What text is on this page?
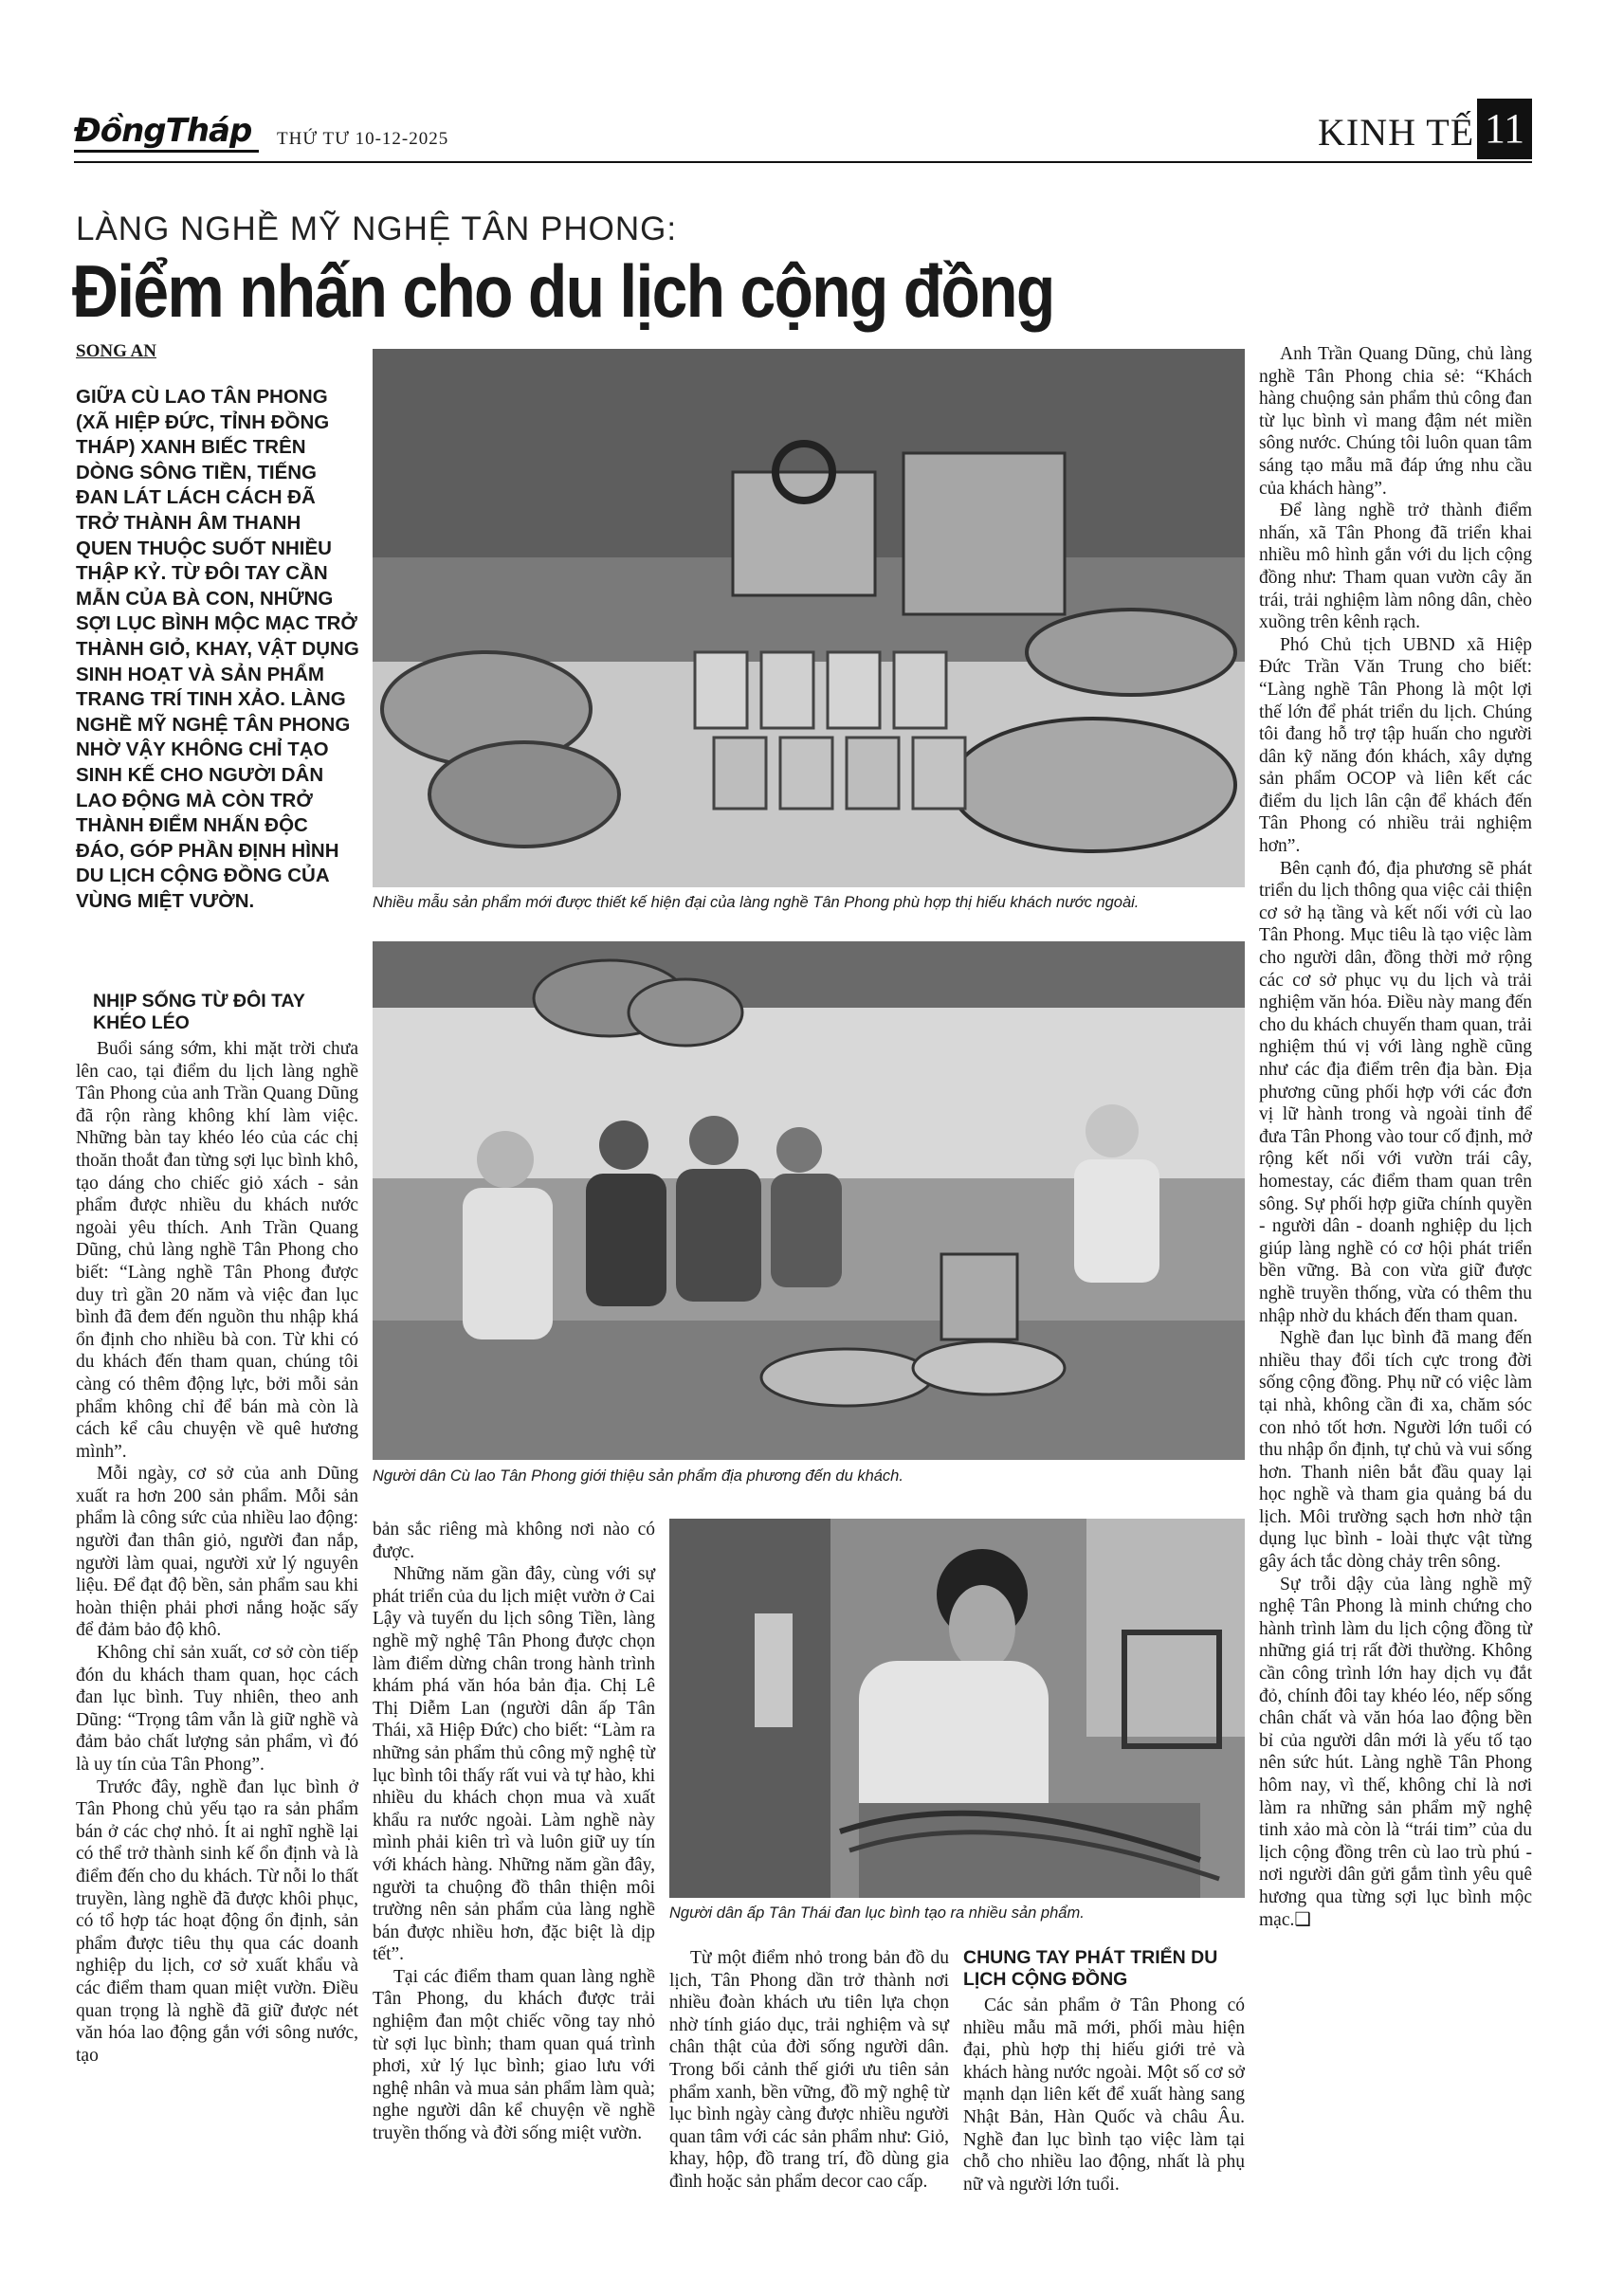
ĐồngTháp THỨ TƯ 10-12-2025	KINH TẾ 11
LÀNG NGHỀ MỸ NGHỆ TÂN PHONG:
Điểm nhấn cho du lịch cộng đồng
SONG AN

GIỮA CÙ LAO TÂN PHONG (XÃ HIỆP ĐỨC, TỈNH ĐỒNG THÁP) XANH BIẾC TRÊN DÒNG SÔNG TIỀN, TIẾNG ĐAN LÁT LÁCH CÁCH ĐÃ TRỞ THÀNH ÂM THANH QUEN THUỘC SUỐT NHIỀU THẬP KỶ. TỪ ĐÔI TAY CẦN MẪN CỦA BÀ CON, NHỮNG SỢI LỤC BÌNH MỘC MẠC TRỞ THÀNH GIỎ, KHAY, VẬT DỤNG SINH HOẠT VÀ SẢN PHẨM TRANG TRÍ TINH XẢO. LÀNG NGHỀ MỸ NGHỆ TÂN PHONG NHỜ VẬY KHÔNG CHỈ TẠO SINH KẾ CHO NGƯỜI DÂN LAO ĐỘNG MÀ CÒN TRỞ THÀNH ĐIỂM NHẤN ĐỘC ĐÁO, GÓP PHẦN ĐỊNH HÌNH DU LỊCH CỘNG ĐỒNG CỦA VÙNG MIỆT VƯỜN.

NHỊP SỐNG TỪ ĐÔI TAY KHÉO LÉO

Buổi sáng sớm, khi mặt trời chưa lên cao, tại điểm du lịch làng nghề Tân Phong của anh Trần Quang Dũng đã rộn ràng không khí làm việc. Những bàn tay khéo léo của các chị thoăn thoắt đan từng sợi lục bình khô, tạo dáng cho chiếc giỏ xách - sản phẩm được nhiều du khách nước ngoài yêu thích. Anh Trần Quang Dũng, chủ làng nghề Tân Phong cho biết: “Làng nghề Tân Phong được duy trì gần 20 năm và việc đan lục bình đã đem đến nguồn thu nhập khá ổn định cho nhiều bà con. Từ khi có du khách đến tham quan, chúng tôi càng có thêm động lực, bởi mỗi sản phẩm không chỉ để bán mà còn là cách kể câu chuyện về quê hương mình”.

Mỗi ngày, cơ sở của anh Dũng xuất ra hơn 200 sản phẩm. Mỗi sản phẩm là công sức của nhiều lao động: người đan thân giỏ, người đan nắp, người làm quai, người xử lý nguyên liệu. Để đạt độ bền, sản phẩm sau khi hoàn thiện phải phơi nắng hoặc sấy để đảm bảo độ khô.

Không chỉ sản xuất, cơ sở còn tiếp đón du khách tham quan, học cách đan lục bình. Tuy nhiên, theo anh Dũng: “Trọng tâm vẫn là giữ nghề và đảm bảo chất lượng sản phẩm, vì đó là uy tín của Tân Phong”.

Trước đây, nghề đan lục bình ở Tân Phong chủ yếu tạo ra sản phẩm bán ở các chợ nhỏ. Ít ai nghĩ nghề lại có thể trở thành sinh kế ổn định và là điểm đến cho du khách. Từ nỗi lo thất truyền, làng nghề đã được khôi phục, có tổ hợp tác hoạt động ổn định, sản phẩm được tiêu thụ qua các doanh nghiệp du lịch, cơ sở xuất khẩu và các điểm tham quan miệt vườn. Điều quan trọng là nghề đã giữ được nét văn hóa lao động gắn với sông nước, tạo

Nhiều mẫu sản phẩm mới được thiết kế hiện đại của làng nghề Tân Phong phù hợp thị hiếu khách nước ngoài.

Người dân Cù lao Tân Phong giới thiệu sản phẩm địa phương đến du khách.

bản sắc riêng mà không nơi nào có được.

Những năm gần đây, cùng với sự phát triển của du lịch miệt vườn ở Cai Lậy và tuyến du lịch sông Tiền, làng nghề mỹ nghệ Tân Phong được chọn làm điểm dừng chân trong hành trình khám phá văn hóa bản địa. Chị Lê Thị Diễm Lan (người dân ấp Tân Thái, xã Hiệp Đức) cho biết: “Làm ra những sản phẩm thủ công mỹ nghệ từ lục bình tôi thấy rất vui và tự hào, khi nhiều du khách chọn mua và xuất khẩu ra nước ngoài. Làm nghề này mình phải kiên trì và luôn giữ uy tín với khách hàng. Những năm gần đây, người ta chuộng đồ thân thiện môi trường nên sản phẩm của làng nghề bán được nhiều hơn, đặc biệt là dịp tết”.

Tại các điểm tham quan làng nghề Tân Phong, du khách được trải nghiệm đan một chiếc võng tay nhỏ từ sợi lục bình; tham quan quá trình phơi, xử lý lục bình; giao lưu với nghệ nhân và mua sản phẩm làm quà; nghe người dân kể chuyện về nghề truyền thống và đời sống miệt vườn.

Người dân ấp Tân Thái đan lục bình tạo ra nhiều sản phẩm.

Từ một điểm nhỏ trong bản đồ du lịch, Tân Phong dần trở thành nơi nhiều đoàn khách ưu tiên lựa chọn nhờ tính giáo dục, trải nghiệm và sự chân thật của đời sống người dân. Trong bối cảnh thế giới ưu tiên sản phẩm xanh, bền vững, đồ mỹ nghệ từ lục bình ngày càng được nhiều người quan tâm với các sản phẩm như: Giỏ, khay, hộp, đồ trang trí, đồ dùng gia đình hoặc sản phẩm decor cao cấp.

CHUNG TAY PHÁT TRIỂN DU LỊCH CỘNG ĐỒNG

Các sản phẩm ở Tân Phong có nhiều mẫu mã mới, phối màu hiện đại, phù hợp thị hiếu giới trẻ và khách hàng nước ngoài. Một số cơ sở mạnh dạn liên kết để xuất hàng sang Nhật Bản, Hàn Quốc và châu Âu. Nghề đan lục bình tạo việc làm tại chỗ cho nhiều lao động, nhất là phụ nữ và người lớn tuổi.

Anh Trần Quang Dũng, chủ làng nghề Tân Phong chia sẻ: “Khách hàng chuộng sản phẩm thủ công đan từ lục bình vì mang đậm nét miền sông nước. Chúng tôi luôn quan tâm sáng tạo mẫu mã đáp ứng nhu cầu của khách hàng”.

Để làng nghề trở thành điểm nhấn, xã Tân Phong đã triển khai nhiều mô hình gắn với du lịch cộng đồng như: Tham quan vườn cây ăn trái, trải nghiệm làm nông dân, chèo xuồng trên kênh rạch.

Phó Chủ tịch UBND xã Hiệp Đức Trần Văn Trung cho biết: “Làng nghề Tân Phong là một lợi thế lớn để phát triển du lịch. Chúng tôi đang hỗ trợ tập huấn cho người dân kỹ năng đón khách, xây dựng sản phẩm OCOP và liên kết các điểm du lịch lân cận để khách đến Tân Phong có nhiều trải nghiệm hơn”.

Bên cạnh đó, địa phương sẽ phát triển du lịch thông qua việc cải thiện cơ sở hạ tầng và kết nối với cù lao Tân Phong. Mục tiêu là tạo việc làm cho người dân, đồng thời mở rộng các cơ sở phục vụ du lịch và trải nghiệm văn hóa. Điều này mang đến cho du khách chuyến tham quan, trải nghiệm thú vị với làng nghề cũng như các địa điểm trên địa bàn. Địa phương cũng phối hợp với các đơn vị lữ hành trong và ngoài tỉnh để đưa Tân Phong vào tour cố định, mở rộng kết nối với vườn trái cây, homestay, các điểm tham quan trên sông. Sự phối hợp giữa chính quyền - người dân - doanh nghiệp du lịch giúp làng nghề có cơ hội phát triển bền vững. Bà con vừa giữ được nghề truyền thống, vừa có thêm thu nhập nhờ du khách đến tham quan.

Nghề đan lục bình đã mang đến nhiều thay đổi tích cực trong đời sống cộng đồng. Phụ nữ có việc làm tại nhà, không cần đi xa, chăm sóc con nhỏ tốt hơn. Người lớn tuổi có thu nhập ổn định, tự chủ và vui sống hơn. Thanh niên bắt đầu quay lại học nghề và tham gia quảng bá du lịch. Môi trường sạch hơn nhờ tận dụng lục bình - loài thực vật từng gây ách tắc dòng chảy trên sông.

Sự trỗi dậy của làng nghề mỹ nghệ Tân Phong là minh chứng cho hành trình làm du lịch cộng đồng từ những giá trị rất đời thường. Không cần công trình lớn hay dịch vụ đắt đỏ, chính đôi tay khéo léo, nếp sống chân chất và văn hóa lao động bền bỉ của người dân mới là yếu tố tạo nên sức hút. Làng nghề Tân Phong hôm nay, vì thế, không chỉ là nơi làm ra những sản phẩm mỹ nghệ tinh xảo mà còn là “trái tim” của du lịch cộng đồng trên cù lao trù phú - nơi người dân gửi gắm tình yêu quê hương qua từng sợi lục bình mộc mạc.❑
